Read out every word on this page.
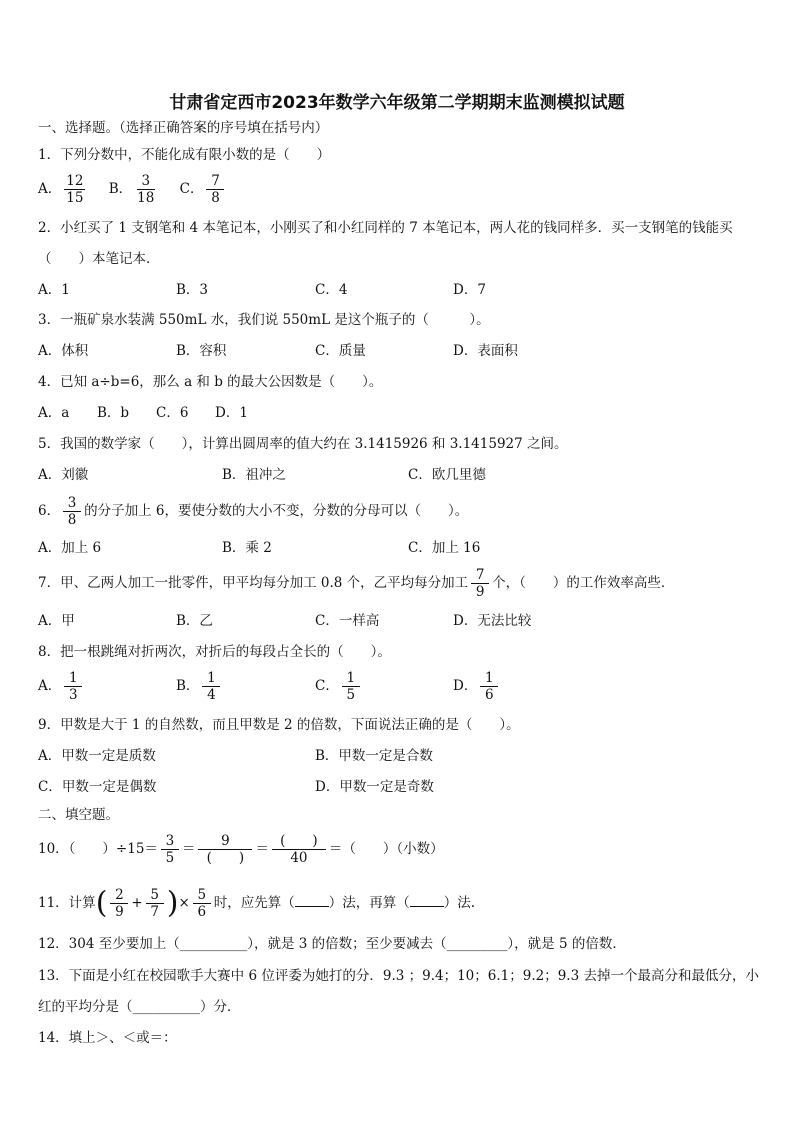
甘肃省定西市2023年数学六年级第二学期期末监测模拟试题
一、选择题。（选择正确答案的序号填在括号内）
1．下列分数中，不能化成有限小数的是（　　）
A． $\frac{12}{15}$ B． $\frac{3}{18}$ C． $\frac{7}{8}$
2．小红买了 1 支钢笔和 4 本笔记本，小刚买了和小红同样的 7 本笔记本，两人花的钱同样多．买一支钢笔的钱能买
（　　）本笔记本．
A．1	B．3	C．4	D．7
3．一瓶矿泉水装满 550mL 水，我们说 550mL 是这个瓶子的（　　　）。
A．体积	B．容积	C．质量	D．表面积
4．已知 a÷b=6，那么 a 和 b 的最大公因数是（　　）。
A．a B．b C．6 D．1
5．我国的数学家（　　），计算出圆周率的值大约在 3.1415926 和 3.1415927 之间。
A．刘徽	B．祖冲之	C．欧几里德
6． $\frac{3}{8}$ 的分子加上 6，要使分数的大小不变，分数的分母可以（　　）。
A．加上 6	B．乘 2	C．加上 16
7．甲、乙两人加工一批零件，甲平均每分加工 0.8 个，乙平均每分加工 $\frac{7}{9}$ 个，（　　）的工作效率高些．
A．甲	B．乙	C．一样高	D．无法比较
8．把一根跳绳对折两次，对折后的每段占全长的（　　）。
A． $\frac{1}{3}$	B． $\frac{1}{4}$	C． $\frac{1}{5}$	D． $\frac{1}{6}$
9．甲数是大于 1 的自然数，而且甲数是 2 的倍数，下面说法正确的是（　　）。
A．甲数一定是质数	B．甲数一定是合数
C．甲数一定是偶数	D．甲数一定是奇数
二、填空题。
10．（　　）$\div 15= \frac{3}{5} = \frac{9}{( )} = \frac{( )}{40}$ ＝（　　）（小数）
11．计算( $\frac{2}{9} + \frac{5}{7}$ )× $\frac{5}{6}$ 时，应先算（	）法，再算（	）法.
12．304 至少要加上（__________），就是 3 的倍数；至少要减去（_________），就是 5 的倍数．
13．下面是小红在校园歌手大赛中 6 位评委为她打的分．9.3 ；9.4；10；6.1；9.2；9.3 去掉一个最高分和最低分，小
红的平均分是（__________）分．
14．填上＞、＜或＝：
